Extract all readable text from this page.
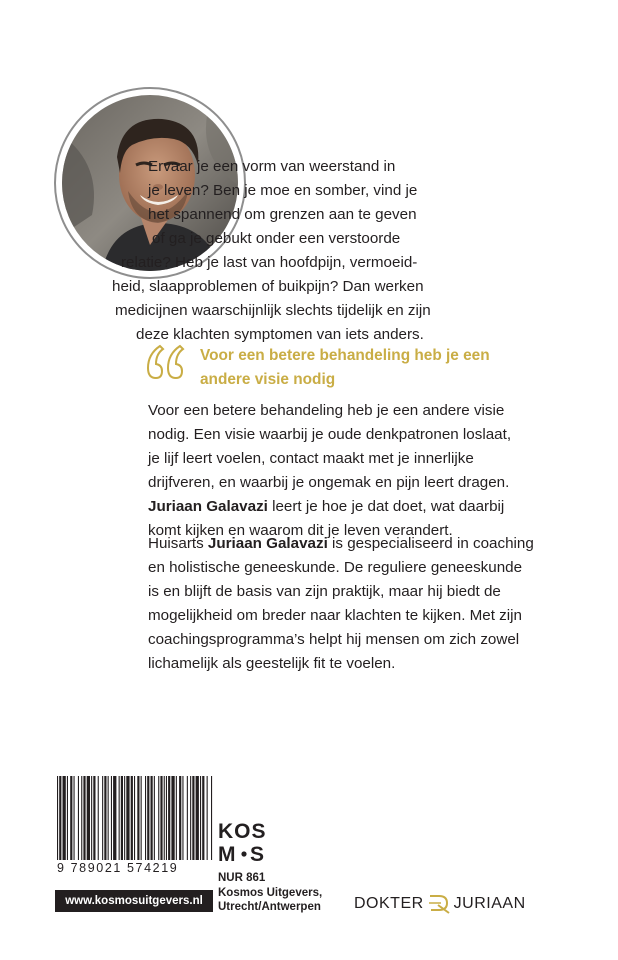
Ervaar je een vorm van weerstand in
je leven? Ben je moe en somber, vind je
het spannend om grenzen aan te geven
of ga je gebukt onder een verstoorde
relatie? Heb je last van hoofdpijn, vermoeid-
heid, slaapproblemen of buikpijn? Dan werken
medicijnen waarschijnlijk slechts tijdelijk en zijn
deze klachten symptomen van iets anders.

Voor een betere behandeling heb je een
andere visie nodig

Voor een betere behandeling heb je een andere visie
nodig. Een visie waarbij je oude denkpatronen loslaat,
je lijf leert voelen, contact maakt met je innerlijke
drijfveren, en waarbij je ongemak en pijn leert dragen.
Juriaan Galavazi leert je hoe je dat doet, wat daarbij
komt kijken en waarom dit je leven verandert.

Huisarts Juriaan Galavazi is gespecialiseerd in coaching
en holistische geneeskunde. De reguliere geneeskunde
is en blijft de basis van zijn praktijk, maar hij biedt de
mogelijkheid om breder naar klachten te kijken. Met zijn
coachingsprogramma’s helpt hij mensen om zich zowel
lichamelijk als geestelijk fit te voelen.

9 789021 574219
www.kosmosuitgevers.nl
KOS
M S
NUR 861
Kosmos Uitgevers,
Utrecht/Antwerpen DOKTER JURIAAN
